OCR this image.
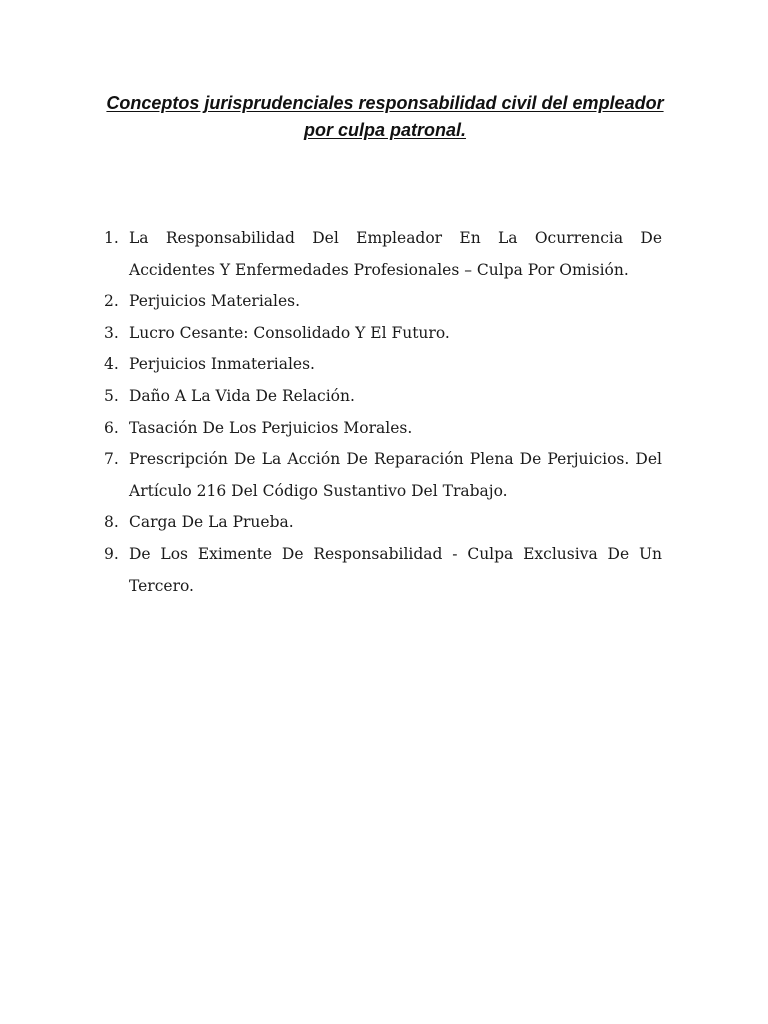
Conceptos jurisprudenciales responsabilidad civil del empleador
por culpa patronal.
1. La Responsabilidad Del Empleador En La Ocurrencia De Accidentes Y Enfermedades Profesionales – Culpa Por Omisión.
2. Perjuicios Materiales.
3. Lucro Cesante: Consolidado Y El Futuro.
4. Perjuicios Inmateriales.
5. Daño A La Vida De Relación.
6. Tasación De Los Perjuicios Morales.
7. Prescripción De La Acción De Reparación Plena De Perjuicios. Del Artículo 216 Del Código Sustantivo Del Trabajo.
8. Carga De La Prueba.
9. De Los Eximente De Responsabilidad - Culpa Exclusiva De Un Tercero.
